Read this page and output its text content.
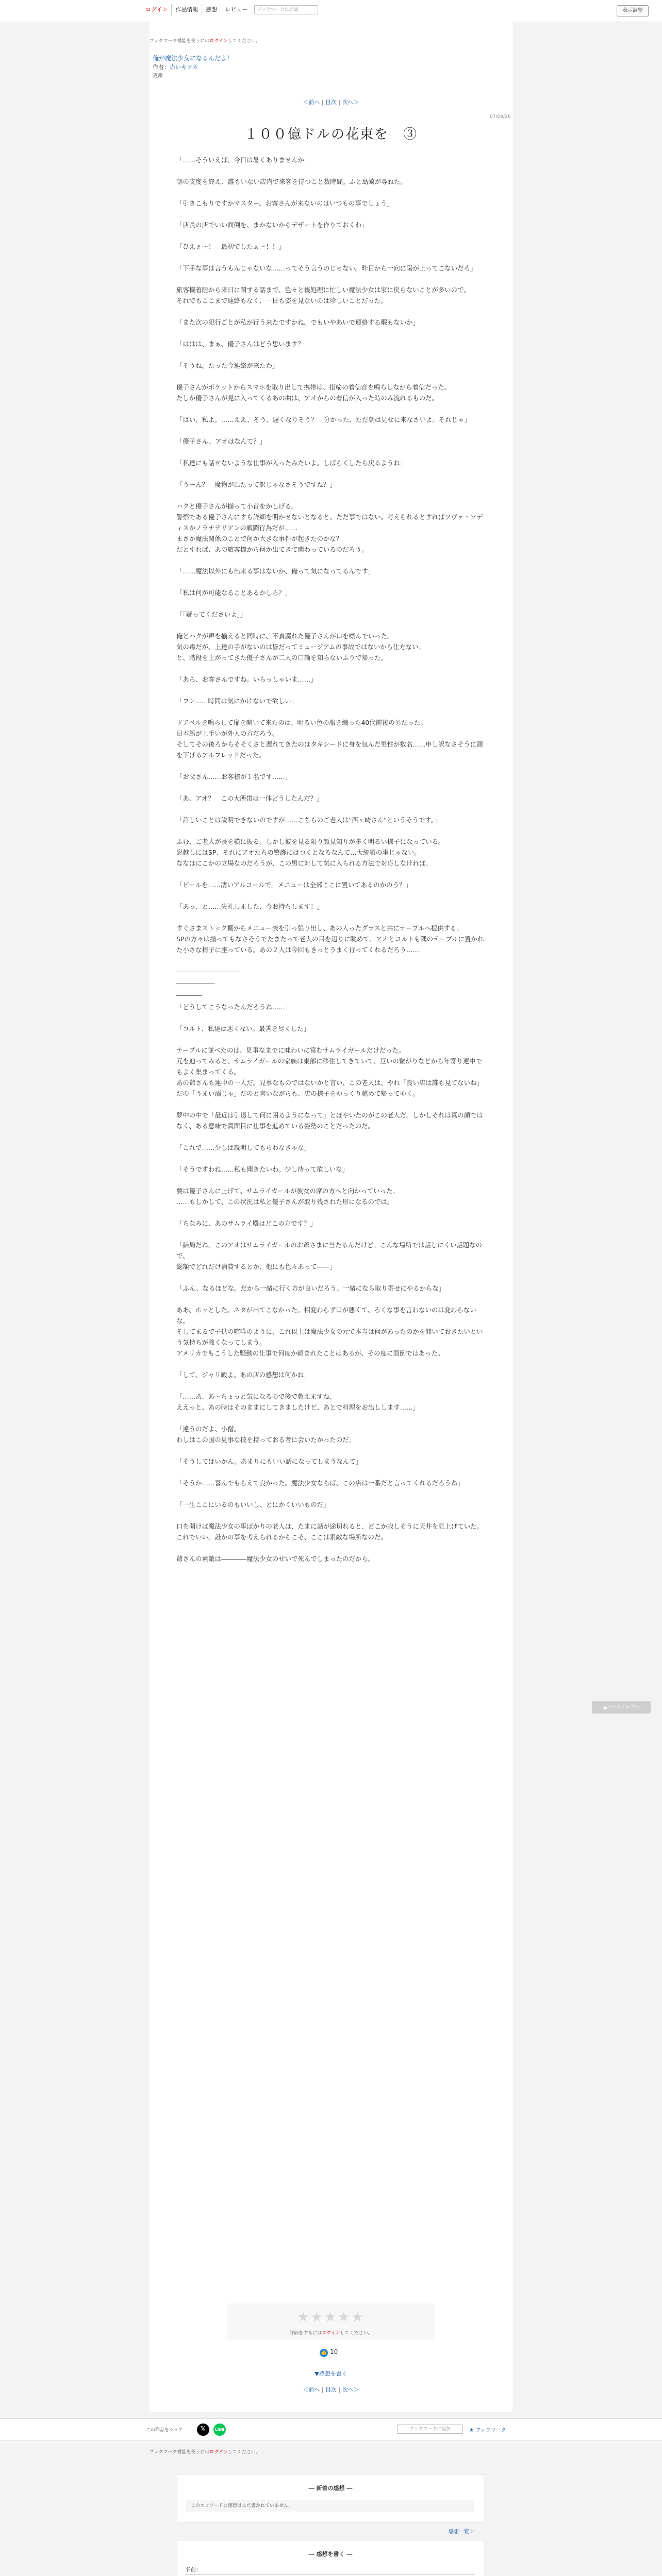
ログイン	作品情報	感想	レビュー	ブックマークに追加	表示調整
ブックマーク機能を使うにはログインしてください。
俺が魔法少女になるんだよ！
作者：赤いキツネ
更新
＜前へ | 目次 | 次へ＞
07/09/26
１００億ドルの花束を　③

「……そういえば、今日は暑くありませんか」

朝の支度を終え、誰もいない店内で来客を待つこと数時間。ふと島崎が尋ねた。

「引きこもりですかマスター。お客さんが来ないのはいつもの事でしょう」

「店長の店でいい面倒を、まかないからデザートを作りておくわ」

「ひえぇ～！　最初でしたぁ～！！」

「下手な事は言うもんじゃないな……ってそう言うのじゃない。昨日から一向に陽が上ってこないだろ」

旅客機着陸から来日に関する話まで、色々と後処理に忙しい魔法少女は家に戻らないことが多いので、
それでもここまで連絡もなく、一日も姿を見ないのは珍しいことだった。

「また次の犯行ごとが私が行う来たですかね。でもいやあいで連絡する暇もないか」

「ははは、まぁ、優子さんはどう思います？」

「そうね。たった今連絡が来たわ」

優子さんがポケットからスマホを取り出して携帯は、指輪の着信音を鳴らしながら着信だった。
たしか優子さんが見に入ってくるあの曲は、アオからの着信が入った時のみ流れるものだ。

「はい、私よ。……ええ、そう、遅くなりそう？　分かった、ただ朝は見せに来なさいよ。それじゃ」

「優子さん、アオはなんて？」

「私達にも話せないような仕事が入ったみたいよ。しばらくしたら戻るようね」

「うーん？　魔物が出たって訳じゃなさそうですね？」

ハクと優子さんが揃って小首をかしげる。
警察である優子さんにすら詳細を明かせないとなると、ただ事ではない。考えられるとすればソヴァ・ソディスかノラナテリアンの戦闘行為だが……
まさか魔法関係のことで何か大きな事件が起きたのかな？
だとすれば、あの旅客機から何か出てきて関わっているのだろう。

「……魔法以外にも出来る事はないか、俺って気になってるんです」

「私は何が可能なることあるかしら？」

「「疑ってくださいよ」」

俺とハクが声を揃えると同時に、不貞腐れた優子さんが口を噤んでいった。
気の毒だが、上達の手がないのは皆だってミュージアムの事故ではないから仕方ない。
と、階段を上がってきた優子さんが二人の口論を知らないふりで帰った。

「あら、お客さんですね。いらっしゃいま……」

「フン……時間は気にかけないで欲しい」

ドアベルを鳴らして扉を開いて来たのは、明るい色の服を纏った40代前後の男だった。
日本語が上手いが外人の方だろう。
そしてその後ろからそそくさと遅れてきたのはタキシードに身を包んだ男性が数名……申し訳なさそうに頭を下げるアルフレッドだった。

「お父さん……お客様が１名です……」

「あ、アオ？　この大所帯は一体どうしたんだ？」

「許しいことは説明できないのですが……こちらのご老人は"西ヶ崎さん"というそうです。」

ふむ、ご老人が長を横に振る。しかし彼を見る限り顔見知りが多く明るい様子になっている。
窓越しにはSP、それにアオたちの警護にはつくとなるなんて…大統領の事じゃない。
ななはにこかの立場なのだろうが、この男に対して気に入られる方法で対応しなければ。

「ビールを……凄いアルコールで。メニューは全部ここに置いてあるのかのう？」

「あっ、と……失礼しました、今お持ちします！」

すぐさまストック棚からメニュー表を引っ張り出し、あの人ったグラスと共にテーブルへ提供する。
SPの方々は揃ってもなさそうでたまたって老人の目を辺りに眺めて、アオとコルトも隅のテーブルに置かれた小さな椅子に座っている。あの２人は今回もきっとうまく行ってくれるだろう……

――――――――――

――――――

――――

「どうしてこうなったんだろうね……」

「コルト、私達は悪くない。最善を尽くした」

テーブルに並べたのは、見事なまでに味わいに富むサムライガールだけだった。
元を辿ってみると、サムライガールの家族は東部に移住してきていて、互いの繋がりなどから年寄り連中でもよく集まってくる。
あの爺さんも連中の一人だ。見事なものではないかと言い、この老人は、やれ「良い店は誰も見てないね」だの「うまい酒じゃ」だのと言いながらも、店の様子をゆっくり眺めて帰ってゆく。

夢中の中で「最近は引退して何に困るようになって」とぼやいたのがこの老人だ。しかしそれは真の顔ではなく、ある意味で真面目に仕事を進めている姿勢のことだったのだ。

「これで……少しは説明してもらわなきゃな」

「そうですわね……私も聞きたいわ。少し待って欲しいな」

要は優子さんに上げて、サムライガールが彼女の席の方へと向かっていった。
……もしかして、この状況は私と優子さんが取り残された形になるのでは。

「ちなみに、あのサムライ殿はどこの方です？」

「結局だね。このアオはサムライガールのお爺さまに当たるんだけど。こんな場所では話しにくい話題なので、
総額でどれだけ消費するとか、他にも色々あって――」

「ふん、なるほどな。だから一緒に行く方が良いだろう。一緒になら取り寄せにやるからな」

ああ、ホッとした。ネタが出てこなかった。相変わらず口が悪くて、ろくな事を言わないのは変わらないな。
そしてまるで子供の喧嘩のように、これ以上は魔法少女の元で本当は何があったのかを聞いておきたいという気持ちが強くなってしまう。
アメリカでもこうした騒動の仕事で何度か頼まれたことはあるが、その度に面倒ではあった。

「して、ジャリ殿よ。あの店の感想は何かね」

「……あ、あ～ちょっと気になるので後で教えますね。
ええっと、あの時はそのままにしてきましたけど、あとで料理をお出しします……」

「違うのだよ、小僧。
わしはこの国の見事な技を持っておる者に会いたかったのだ」

「そうしてはいかん。あまりにもいい話になってしまうなんて」

「そうか……喜んでもらえて良かった。魔法少女ならば、この店は一番だと言ってくれるだろうね」

「一生ここにいるのもいいし、とにかくいいものだ」

口を開けば魔法少女の事ばかりの老人は、たまに話が途切れると、どこか寂しそうに天井を見上げていた。これでいい。誰かの事を考えられるからこそ、ここは素敵な場所なのだ。

爺さんの素敵は――――魔法少女のせいで死んでしまったのだから。

▲ページトップへ
★★★★★
評価をするにはログインしてください。
👍 10
▼感想を書く
＜前へ | 目次 | 次へ＞
この作品をシェア	𝕏	LINE	ブックマークに追加	★ ブックマーク
ブックマーク機能を使うにはログインしてください。
― 新着の感想 ―
このエピソードに感想はまだ書かれていません。
感想一覧＞
― 感想を書く ―
名前：
